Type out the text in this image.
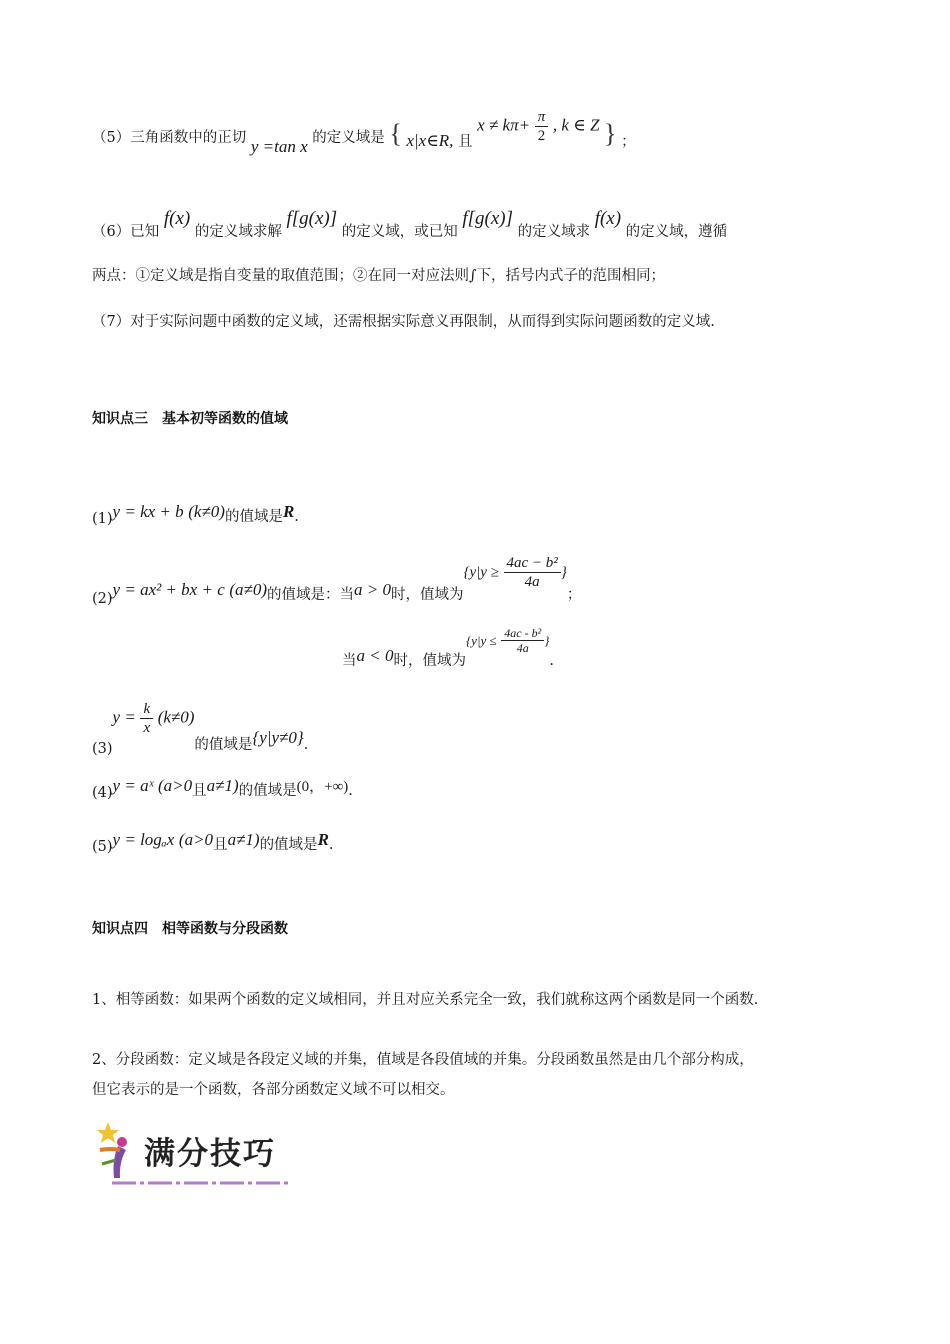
（5）三角函数中的正切 y =tan x 的定义域是 { x|x∈R, 且 $x \ne k\pi+ \frac{\pi}{2}$ , k ∈ Z } ；
（6）已知 f(x) 的定义域求解 f[g(x)] 的定义域，或已知 f[g(x)] 的定义域求 f(x) 的定义域，遵循
两点：①定义域是指自变量的取值范围；②在同一对应法则∫下，括号内式子的范围相同；
（7）对于实际问题中函数的定义域，还需根据实际意义再限制，从而得到实际问题函数的定义域.
知识点三　基本初等函数的值域
(1)y = kx + b (k≠0)的值域是R.
(2)y = ax² + bx + c (a≠0)的值域是：当a > 0时，值域为{$y|y \ge \frac{\text{4ac − b²}}{4a}$ }；
当a < 0时，值域为{$y|y \le \frac{\text{4ac - b²}}{4a}$ }.
$(3)y = \frac{k}{x} (k\ne 0)$的值域是{y|y≠0}.
(4)y = aˣ (a>0且a≠1)的值域是(0，+∞).
(5)y = logₐx (a>0且a≠1)的值域是R.
知识点四　相等函数与分段函数
1、相等函数：如果两个函数的定义域相同，并且对应关系完全一致，我们就称这两个函数是同一个函数.
2、分段函数：定义域是各段定义域的并集，值域是各段值域的并集。分段函数虽然是由几个部分构成，
但它表示的是一个函数，各部分函数定义域不可以相交。
满分技巧
